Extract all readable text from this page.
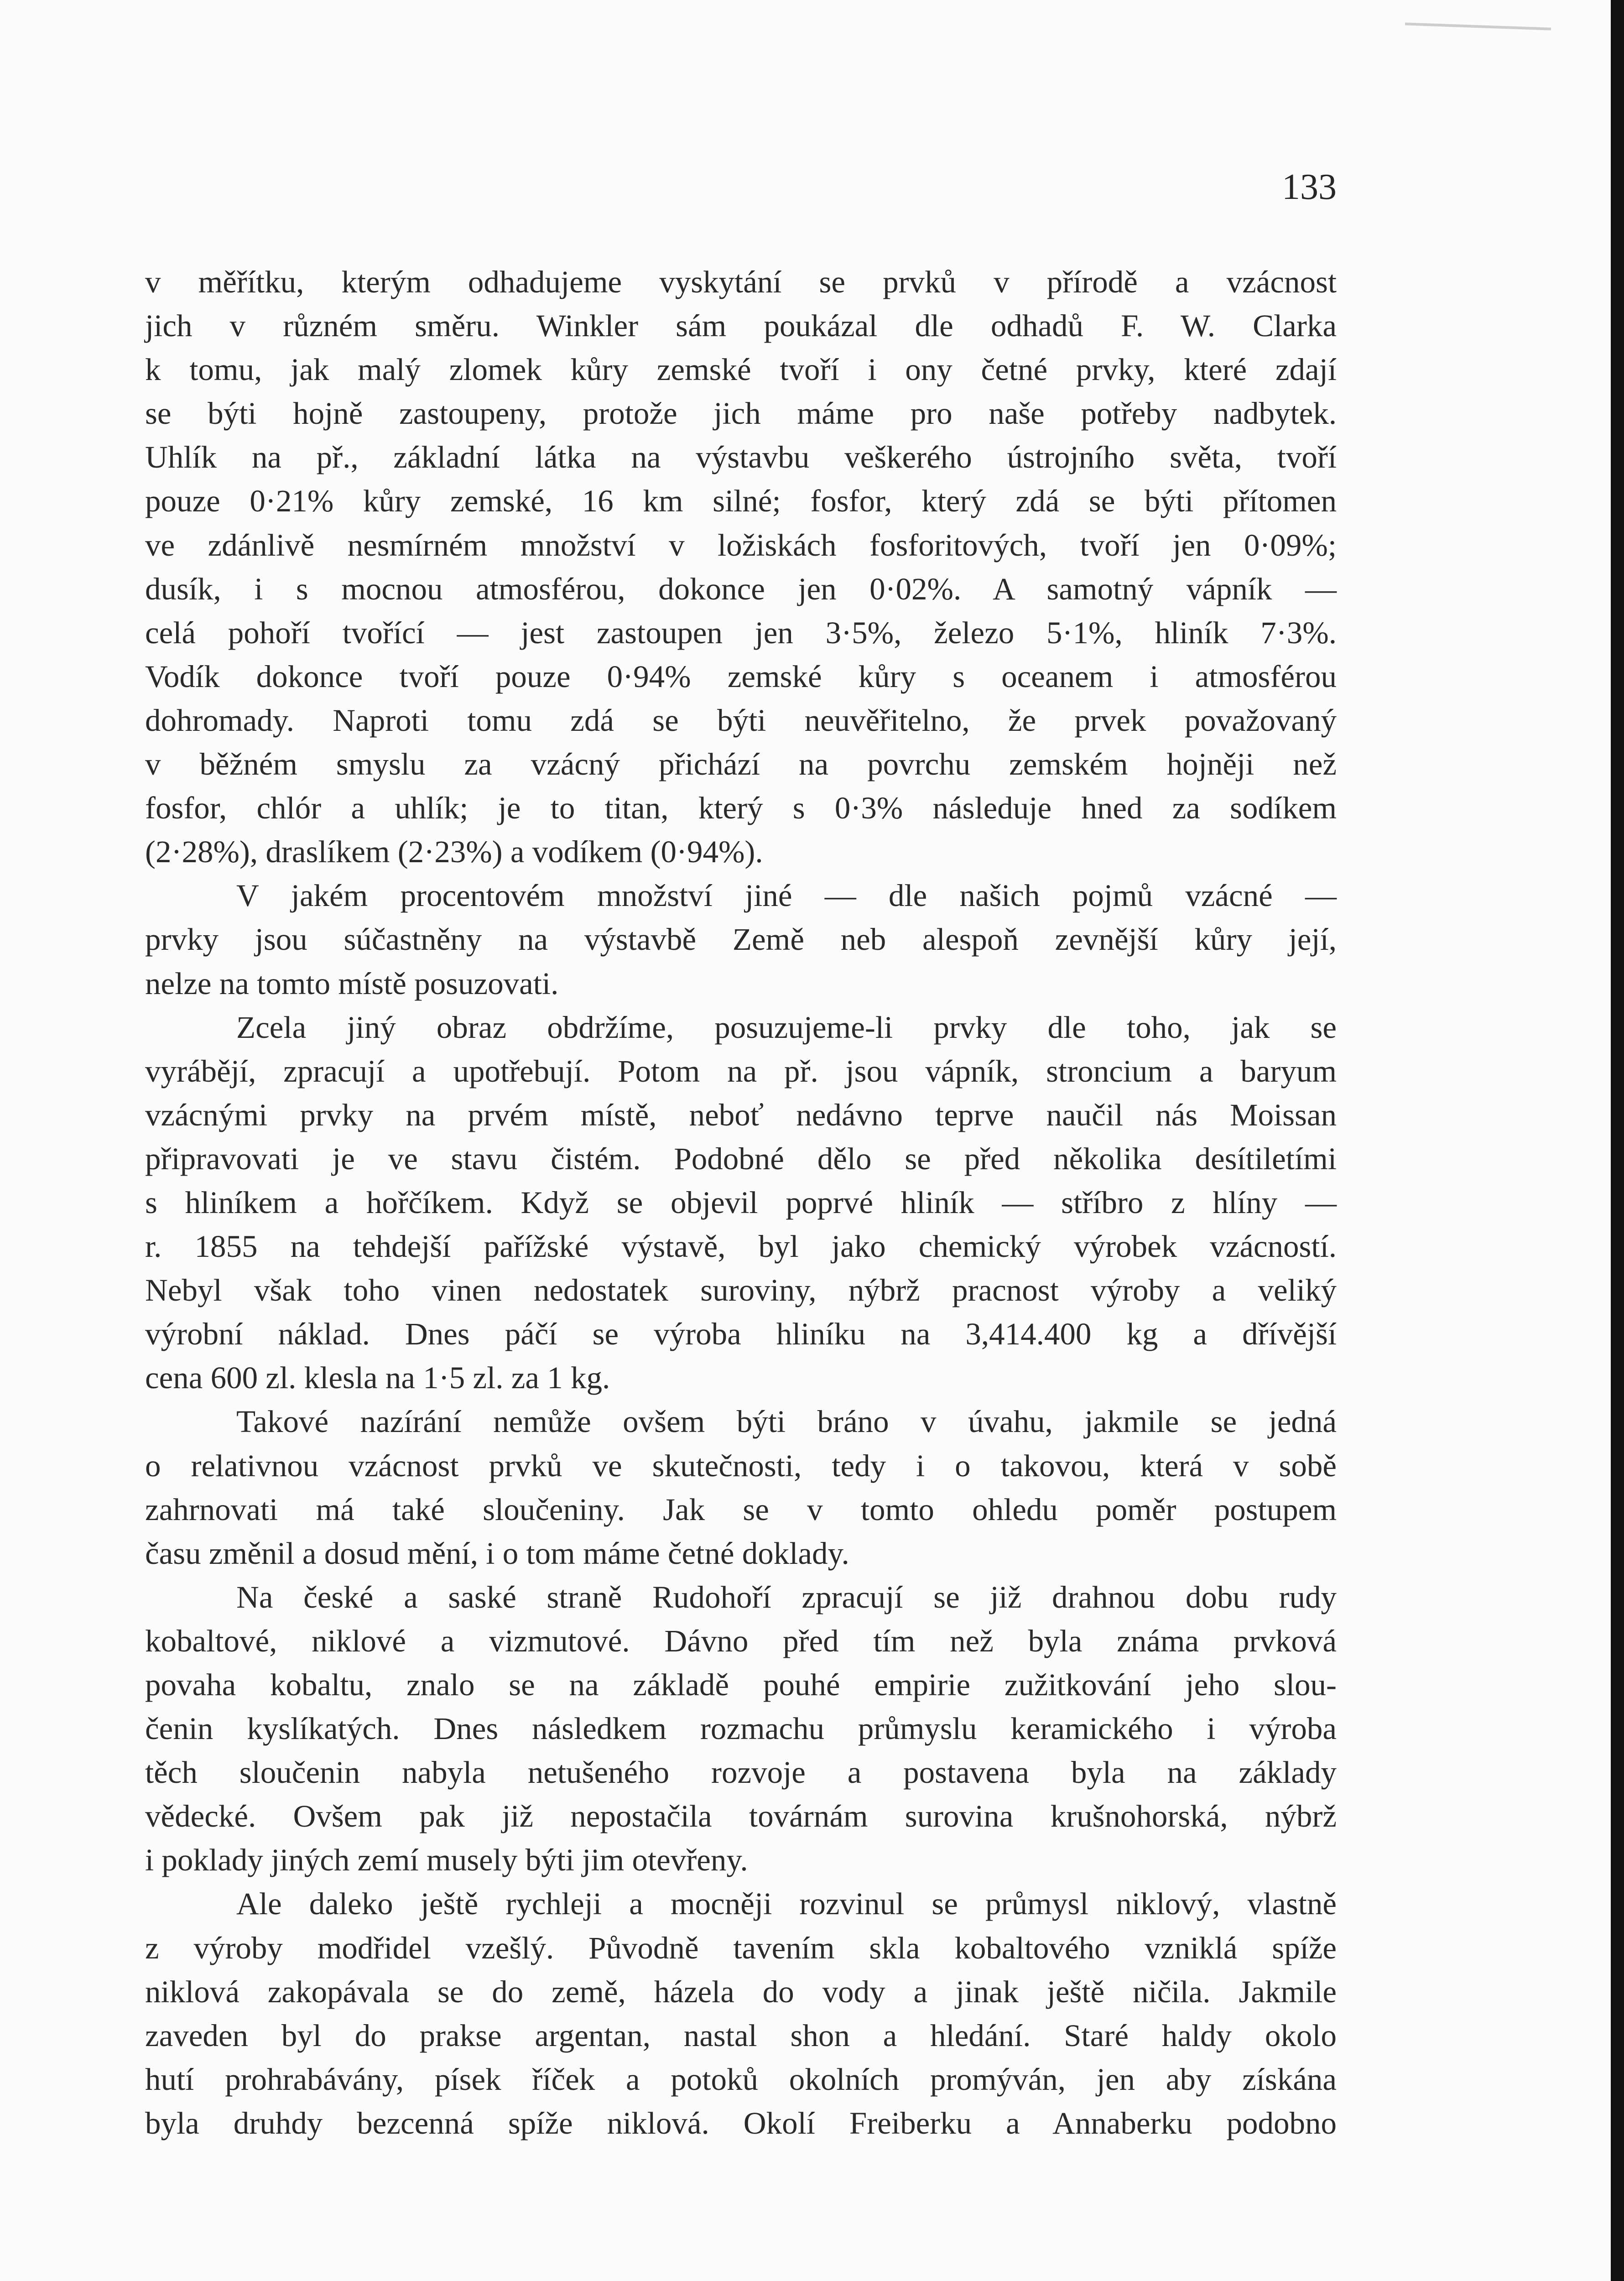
133
v měřítku, kterým odhadujeme vyskytání se prvků v přírodě a vzácnost
jich v různém směru. Winkler sám poukázal dle odhadů F. W. Clarka
k tomu, jak malý zlomek kůry zemské tvoří i ony četné prvky, které zdají
se býti hojně zastoupeny, protože jich máme pro naše potřeby nadbytek.
Uhlík na př., základní látka na výstavbu veškerého ústrojního světa, tvoří
pouze 0·21% kůry zemské, 16 km silné; fosfor, který zdá se býti přítomen
ve zdánlivě nesmírném množství v ložiskách fosforitových, tvoří jen 0·09%;
dusík, i s mocnou atmosférou, dokonce jen 0·02%. A samotný vápník —
celá pohoří tvořící — jest zastoupen jen 3·5%, železo 5·1%, hliník 7·3%.
Vodík dokonce tvoří pouze 0·94% zemské kůry s oceanem i atmosférou
dohromady. Naproti tomu zdá se býti neuvěřitelno, že prvek považovaný
v běžném smyslu za vzácný přichází na povrchu zemském hojněji než
fosfor, chlór a uhlík; je to titan, který s 0·3% následuje hned za sodíkem
(2·28%), draslíkem (2·23%) a vodíkem (0·94%).
V jakém procentovém množství jiné — dle našich pojmů vzácné —
prvky jsou súčastněny na výstavbě Země neb alespoň zevnější kůry její,
nelze na tomto místě posuzovati.
Zcela jiný obraz obdržíme, posuzujeme-li prvky dle toho, jak se
vyrábějí, zpracují a upotřebují. Potom na př. jsou vápník, stroncium a baryum
vzácnými prvky na prvém místě, neboť nedávno teprve naučil nás Moissan
připravovati je ve stavu čistém. Podobné dělo se před několika desítiletími
s hliníkem a hořčíkem. Když se objevil poprvé hliník — stříbro z hlíny —
r. 1855 na tehdejší pařížské výstavě, byl jako chemický výrobek vzácností.
Nebyl však toho vinen nedostatek suroviny, nýbrž pracnost výroby a veliký
výrobní náklad. Dnes páčí se výroba hliníku na 3,414.400 kg a dřívější
cena 600 zl. klesla na 1·5 zl. za 1 kg.
Takové nazírání nemůže ovšem býti bráno v úvahu, jakmile se jedná
o relativnou vzácnost prvků ve skutečnosti, tedy i o takovou, která v sobě
zahrnovati má také sloučeniny. Jak se v tomto ohledu poměr postupem
času změnil a dosud mění, i o tom máme četné doklady.
Na české a saské straně Rudohoří zpracují se již drahnou dobu rudy
kobaltové, niklové a vizmutové. Dávno před tím než byla známa prvková
povaha kobaltu, znalo se na základě pouhé empirie zužitkování jeho slou-
čenin kyslíkatých. Dnes následkem rozmachu průmyslu keramického i výroba
těch sloučenin nabyla netušeného rozvoje a postavena byla na základy
vědecké. Ovšem pak již nepostačila továrnám surovina krušnohorská, nýbrž
i poklady jiných zemí musely býti jim otevřeny.
Ale daleko ještě rychleji a mocněji rozvinul se průmysl niklový, vlastně
z výroby modřidel vzešlý. Původně tavením skla kobaltového vzniklá spíže
niklová zakopávala se do země, házela do vody a jinak ještě ničila. Jakmile
zaveden byl do prakse argentan, nastal shon a hledání. Staré haldy okolo
hutí prohrabávány, písek říček a potoků okolních promýván, jen aby získána
byla druhdy bezcenná spíže niklová. Okolí Freiberku a Annaberku podobno
